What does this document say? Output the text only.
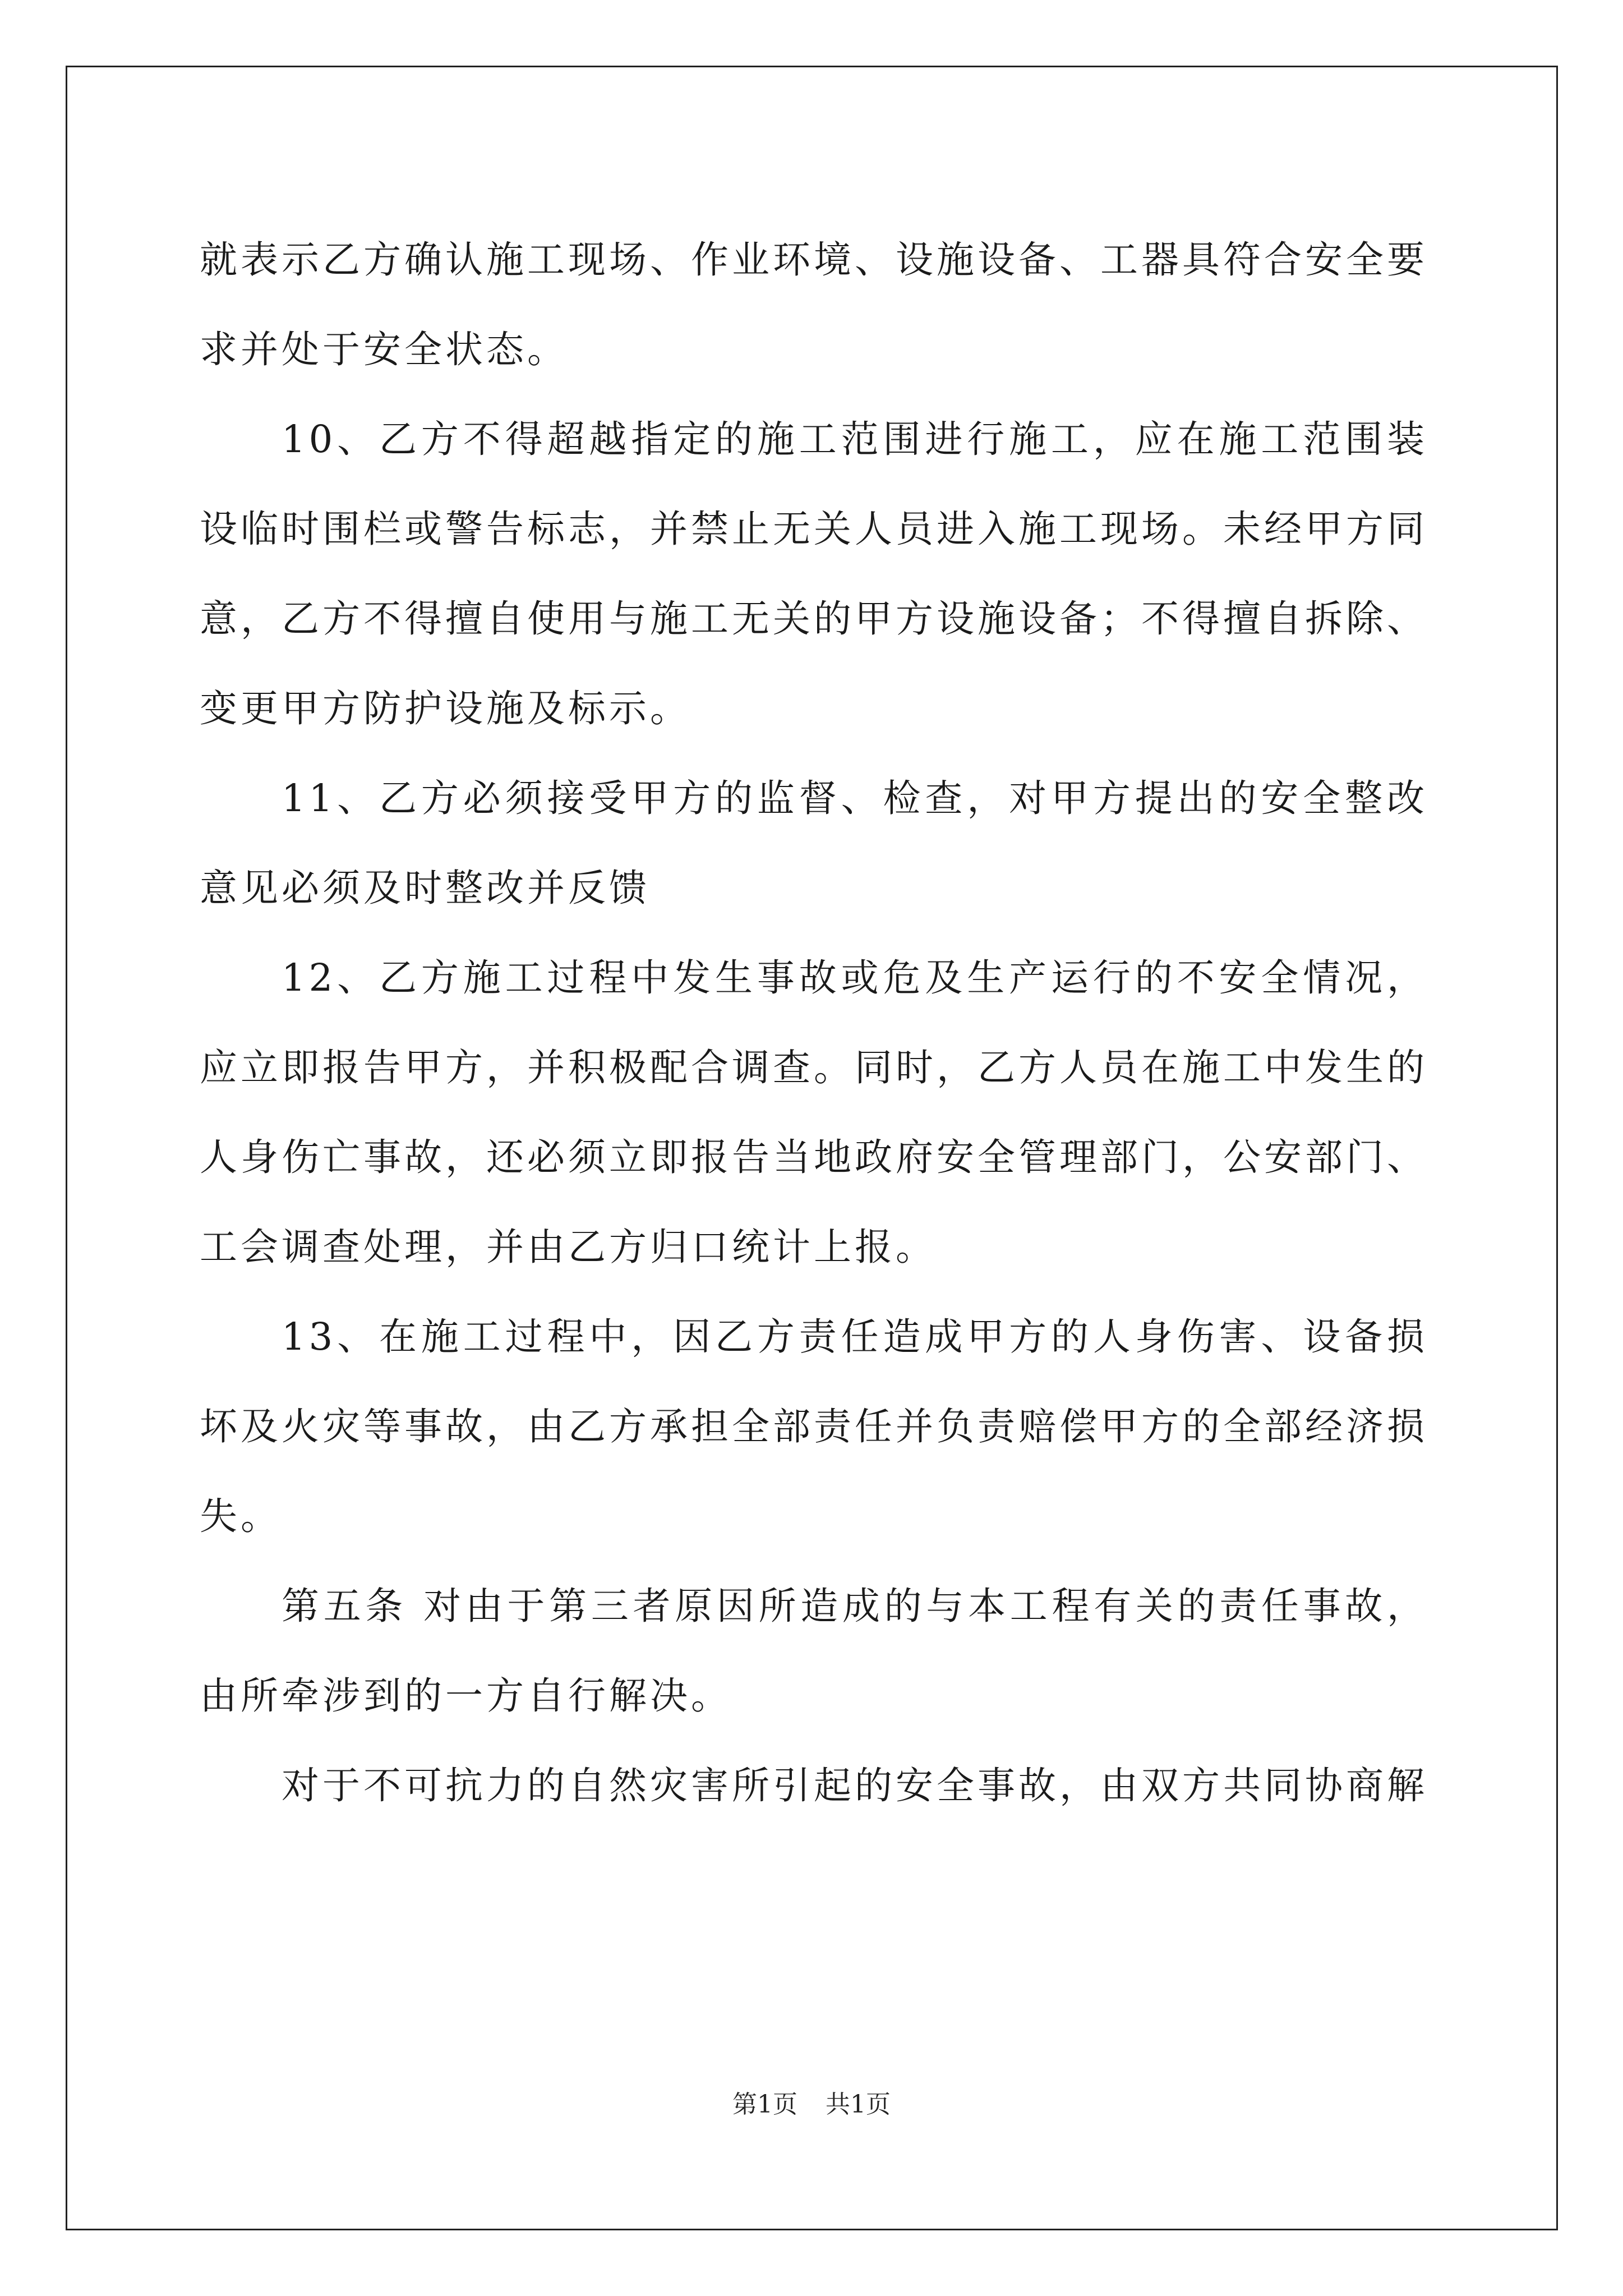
就表示乙方确认施工现场、作业环境、设施设备、工器具符合安全要求并处于安全状态。

10、乙方不得超越指定的施工范围进行施工，应在施工范围装设临时围栏或警告标志，并禁止无关人员进入施工现场。未经甲方同意，乙方不得擅自使用与施工无关的甲方设施设备；不得擅自拆除、变更甲方防护设施及标示。

11、乙方必须接受甲方的监督、检查，对甲方提出的安全整改意见必须及时整改并反馈

12、乙方施工过程中发生事故或危及生产运行的不安全情况，应立即报告甲方，并积极配合调查。同时，乙方人员在施工中发生的人身伤亡事故，还必须立即报告当地政府安全管理部门，公安部门、工会调查处理，并由乙方归口统计上报。

13、在施工过程中，因乙方责任造成甲方的人身伤害、设备损坏及火灾等事故，由乙方承担全部责任并负责赔偿甲方的全部经济损失。

第五条 对由于第三者原因所造成的与本工程有关的责任事故，由所牵涉到的一方自行解决。

对于不可抗力的自然灾害所引起的安全事故，由双方共同协商解

第1页 共1页
